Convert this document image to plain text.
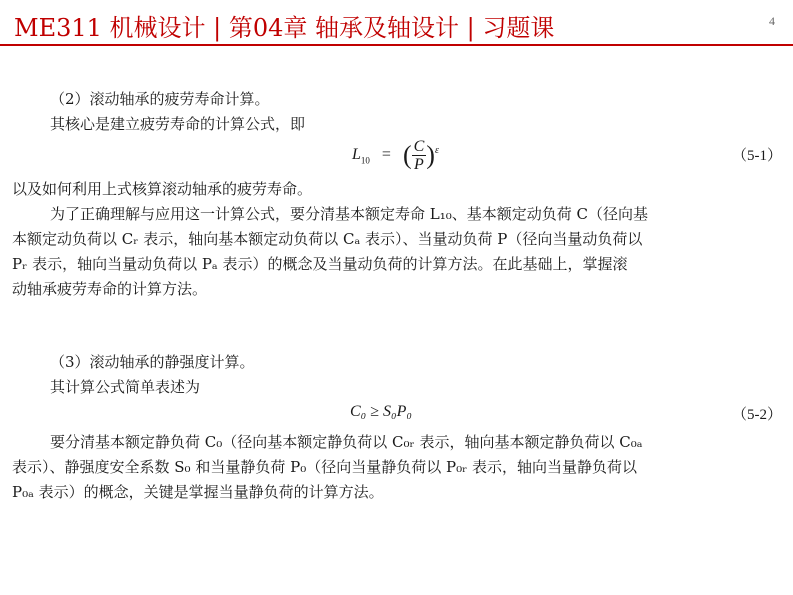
ME311 机械设计 | 第04章 轴承及轴设计 | 习题课	4
（2）滚动轴承的疲劳寿命计算。
其核心是建立疲劳寿命的计算公式，即
$L_{10}$ = ( $\frac{C}{P} )^\varepsilon$	（5-1）
以及如何利用上式核算滚动轴承的疲劳寿命。
为了正确理解与应用这一计算公式，要分清基本额定寿命 L₁₀、基本额定动负荷 C（径向基
本额定动负荷以 Cᵣ 表示，轴向基本额定动负荷以 Cₐ 表示）、当量动负荷 P（径向当量动负荷以
Pᵣ 表示，轴向当量动负荷以 Pₐ 表示）的概念及当量动负荷的计算方法。在此基础上，掌握滚
动轴承疲劳寿命的计算方法。
（3）滚动轴承的静强度计算。
其计算公式简单表述为
C₀ ≥ S₀P₀	（5-2）
要分清基本额定静负荷 C₀（径向基本额定静负荷以 C₀ᵣ 表示，轴向基本额定静负荷以 C₀ₐ
表示）、静强度安全系数 S₀ 和当量静负荷 P₀（径向当量静负荷以 P₀ᵣ 表示，轴向当量静负荷以
P₀ₐ 表示）的概念，关键是掌握当量静负荷的计算方法。
